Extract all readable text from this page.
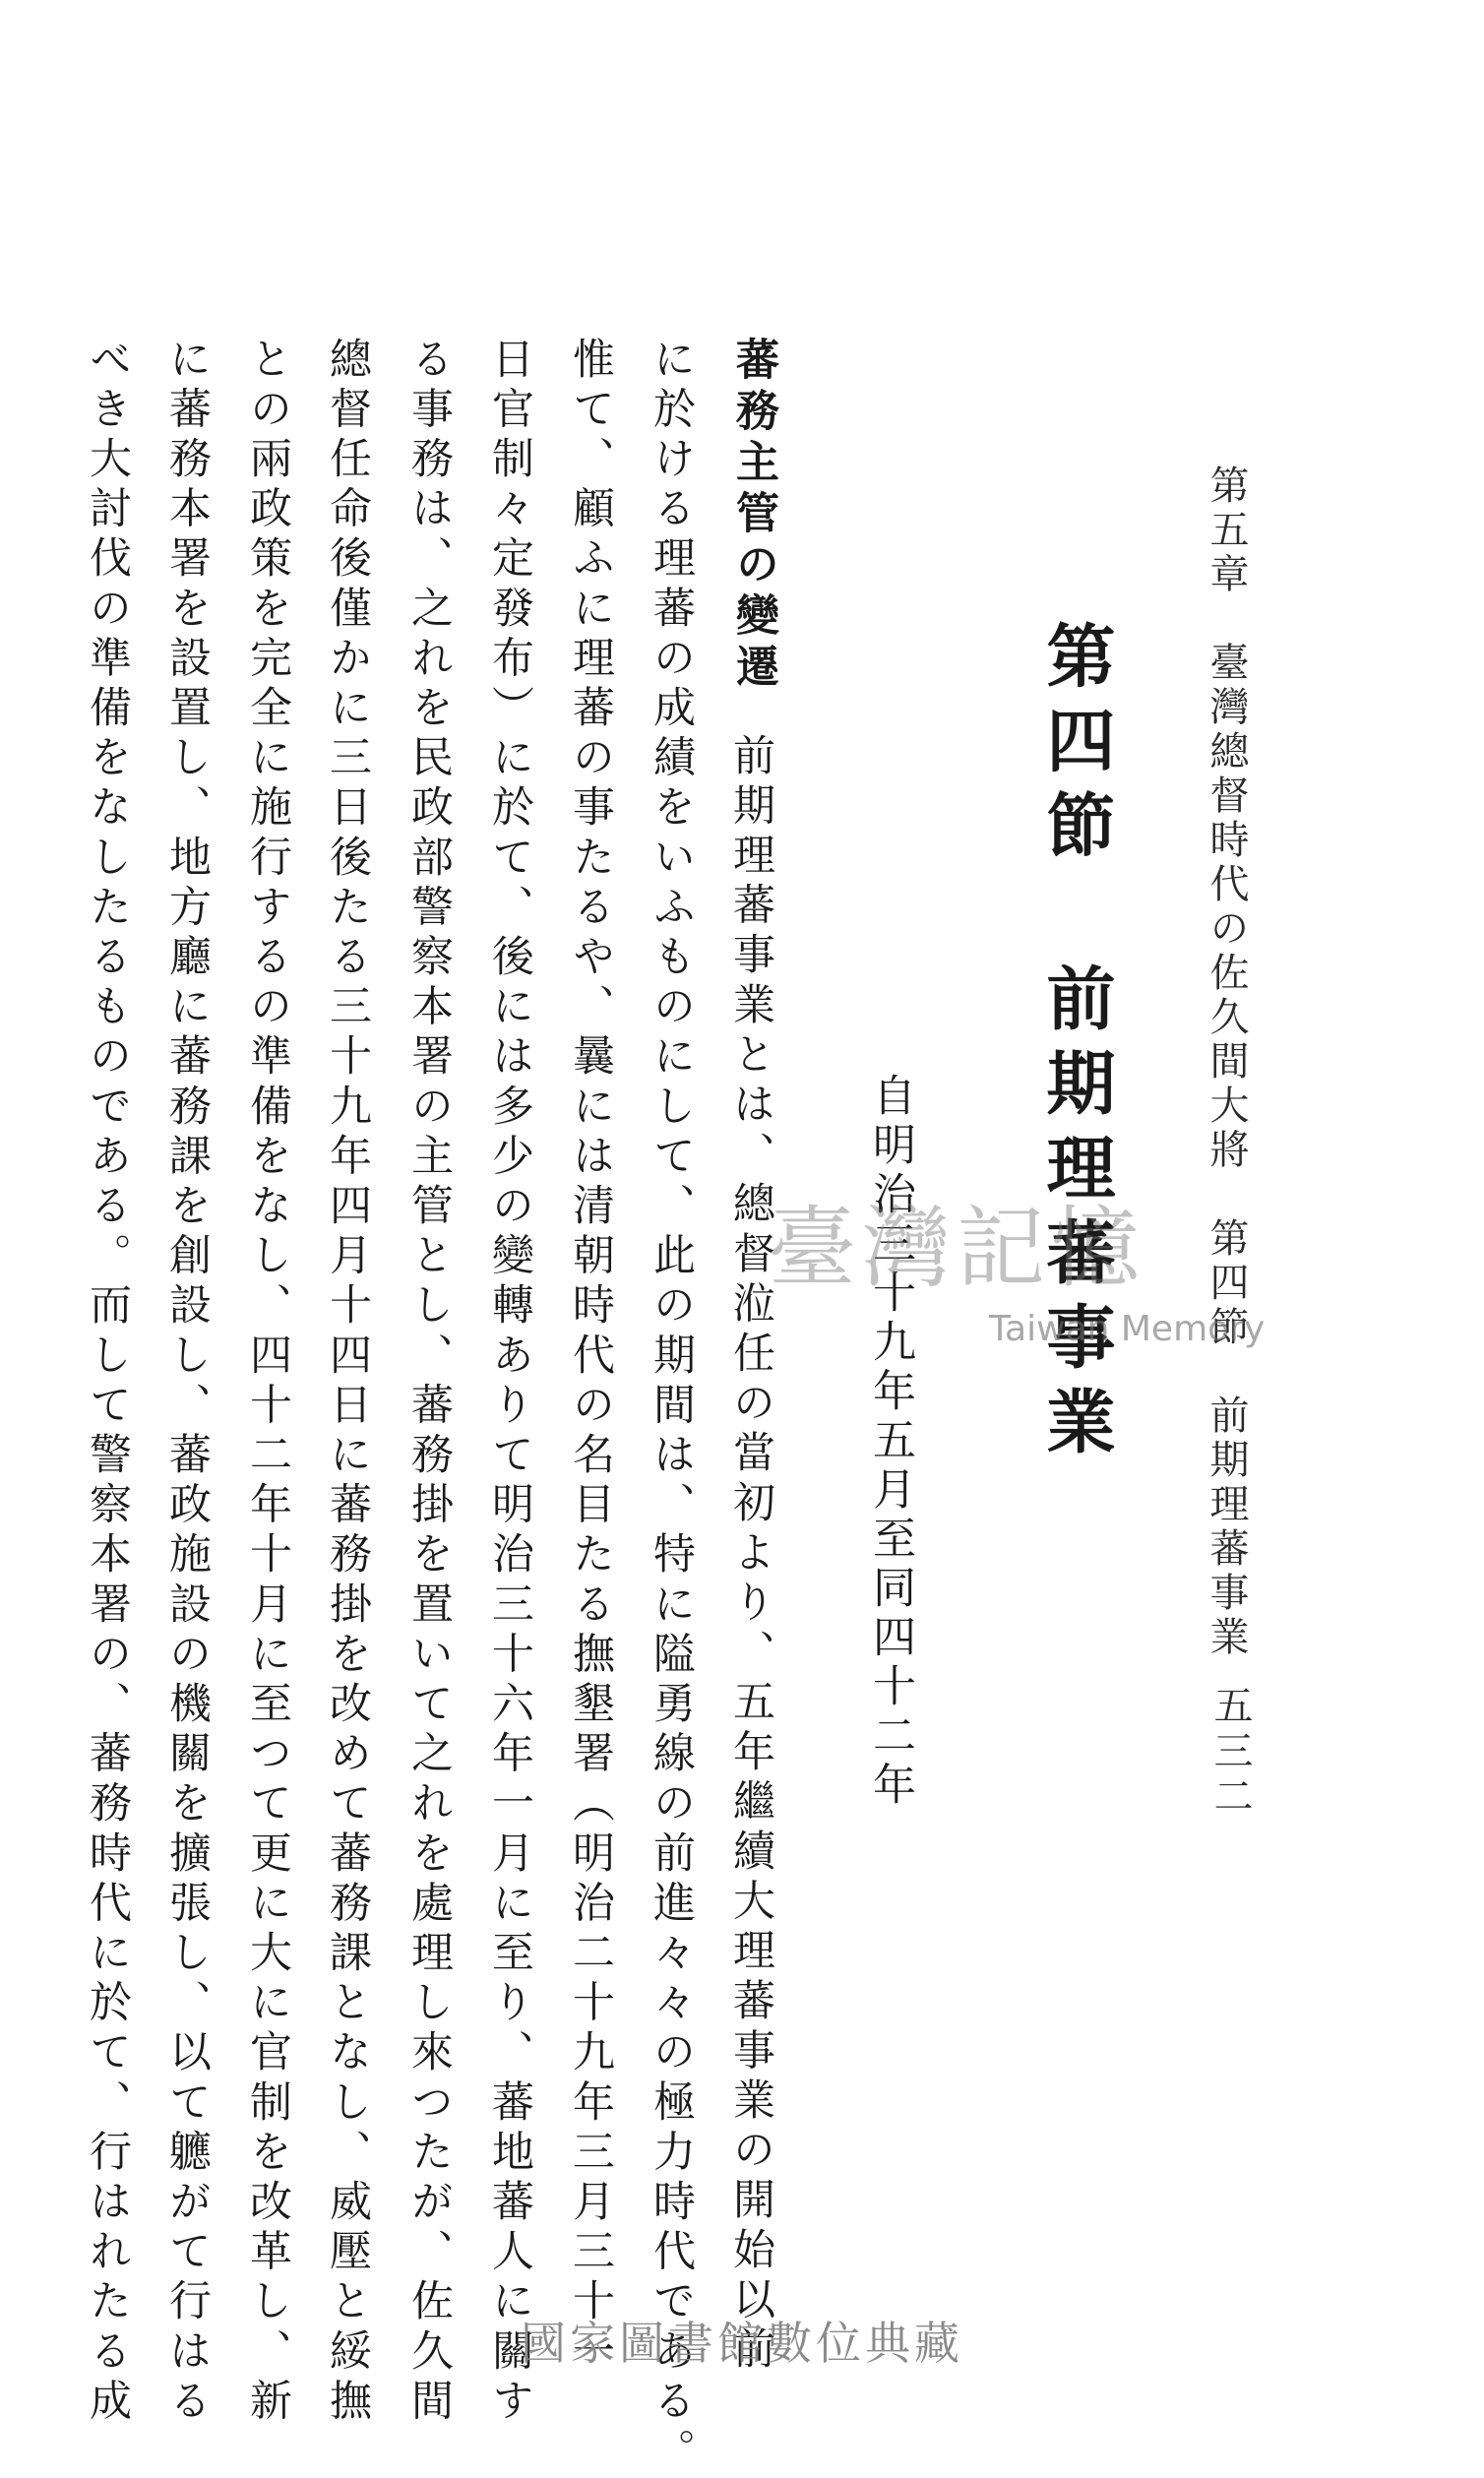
第五章　臺灣總督時代の佐久間大將　第四節　前期理蕃事業
五三二
第四節前期理蕃事業
自明治三十九年五月至同四十二年
蕃務主管の變遷
前期理蕃事業とは、總督涖任の當初より、五年繼續大理蕃事業の開始以前
に於ける理蕃の成績をいふものにして、此の期間は、特に隘勇線の前進々々の極力時代である。
惟て、顧ふに理蕃の事たるや、曩には清朝時代の名目たる撫墾署（明治二十九年三月三十一
日官制々定發布）に於て、後には多少の變轉ありて明治三十六年一月に至り、蕃地蕃人に關す
る事務は、之れを民政部警察本署の主管とし、蕃務掛を置いて之れを處理し來つたが、佐久間
總督任命後僅かに三日後たる三十九年四月十四日に蕃務掛を改めて蕃務課となし、威壓と綏撫
との兩政策を完全に施行するの準備をなし、四十二年十月に至つて更に大に官制を改革し、新
に蕃務本署を設置し、地方廳に蕃務課を創設し、蕃政施設の機關を擴張し、以て軈がて行はる
べき大討伐の準備をなしたるものである。而して警察本署の、蕃務時代に於て、行はれたる成	臺灣記憶
Taiwan Memory
國家圖書館數位典藏
